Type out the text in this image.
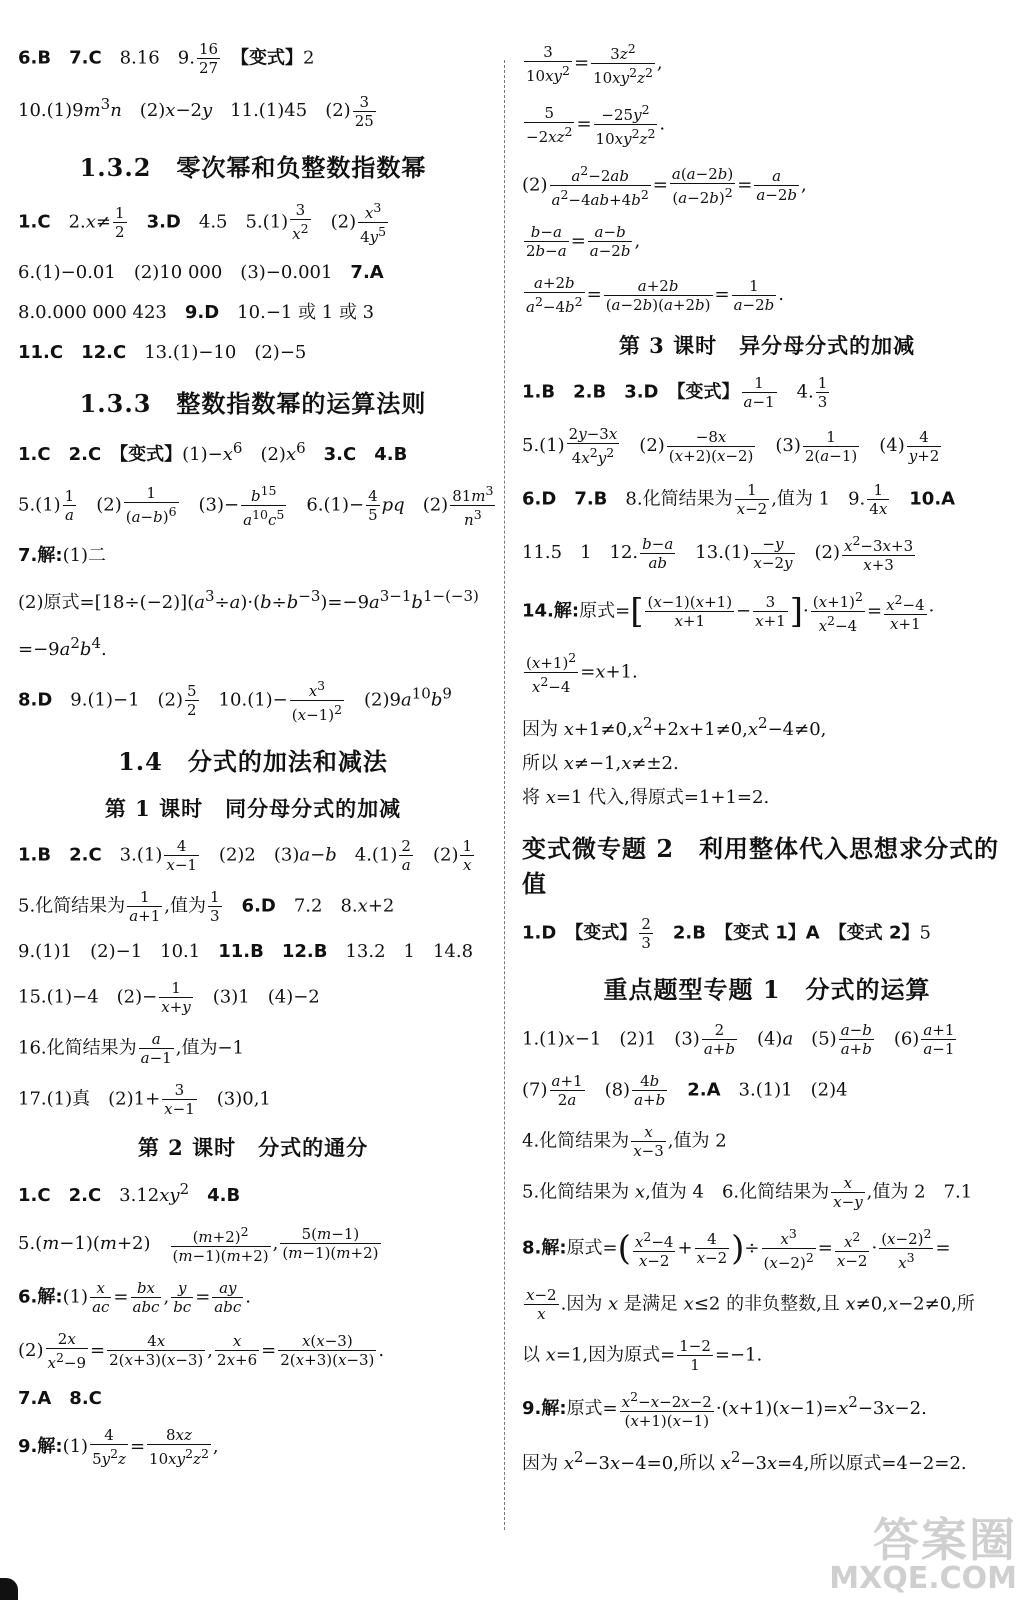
6.B　 7.C　8.16　9. $\frac{16}{27}$
　 【变式】2
$10.(1)9m^3n$　(2)x−2y　11.(1)45　$(2) \frac{3}{25}$
1.3.2　零次幂和负整数指数幂
1.C　$2.x\ne \frac{1}{2}$
　 3.D　4.5　$5.(1) \frac{3}{x^2}$ 　$(2) \frac{x^3}{4y^5}$
6.(1)−0.01　(2)10 000　(3)−0.001　7.A
8.0.000 000 423　9.D　10.−1 或 1 或 3
11.C　 12.C　13.(1)−10　(2)−5
1.3.3　整数指数幂的运算法则
1.C　 2.C　 【变式】$(1)-x^6$　$(2)x^6$　 3.C　 4.B
$5.(1) \frac{1}{a}$ 　$(2) \frac{1}{(a-b)^6}$ 　$(3)- \frac{b^{15}}{a^{10}c^5}$ 　$6.(1)- \frac{4}{5}$ pq　$(2) \frac{81m^3}{n^3}$
7.解:(1)二
(2)原式$=[18\div(-2)](a^3\div a)\cdot(b\div b^{-3})=-9a^{3-1}b^{1-(-3)}$
$=-9a^2b^4$.
8.D　9.(1)−1　$(2) \frac{5}{2}$ 　$10.(1)- \frac{x^3}{(x-1)^2}$ 　$(2)9a^{10}b^9$
1.4　分式的加法和减法
第 1 课时　同分母分式的加减
1.B　 2.C　$3.(1) \frac{4}{x-1}$ 　(2)2　(3)a−b　$4.(1) \frac{2}{a}$ 　$(2) \frac{1}{x}$
5.化简结果为 $\frac{1}{a+1}$ ,值为 $\frac{1}{3}$
　 6.D　7.2　8.x+2
9.(1)1　(2)−1　10.1　11.B　 12.B　13.2　1　14.8
15.(1)−4　$(2)- \frac{1}{x+y}$ 　(3)1　(4)−2
16.化简结果为 $\frac{a}{a-1}$ ,值为−1
17.(1)真　$(2)1+ \frac{3}{x-1}$ 　(3)0,1
第 2 课时　分式的通分
1.C　 2.C　$3.12xy^2$　 4.B
5.(m−1)(m+2)　 $\frac{(m+2)^2}{(m-1)(m+2)}$ , $\frac{5(m-1)}{(m-1)(m+2)}$
6.解:(1) $\frac{x}{ac} = \frac{bx}{\text{abc}}$ , $\frac{y}{bc} = \frac{ay}{\text{abc}}$ .
$(2) \frac{2x}{x^2-9} = \frac{4x}{2(x+3)(x-3)}$ , $\frac{x}{2x+6} = \frac{x(x-3)}{2(x+3)(x-3)}$ .
7.A　 8.C
9.解:(1) $\frac{4}{5y^2z} = \frac{8xz}{10xy^2z^2}$ ,
$\frac{3}{10xy^2} = \frac{3z^2}{10xy^2z^2}$ ,
$\frac{5}{-2xz^2} = \frac{-25y^2}{10xy^2z^2}$ .
$(2) \frac{a^2-2ab}{a^2-4ab+4b^2} = \frac{a(a-2b)}{(a-2b)^2} = \frac{a}{a-2b}$ ,
$\frac{b-a}{2b-a} = \frac{a-b}{a-2b}$ ,
$\frac{a+2b}{a^2-4b^2} = \frac{a+2b}{(a-2b)(a+2b)} = \frac{1}{a-2b}$ .
第 3 课时　异分母分式的加减
1.B　 2.B　 3.D　 【变式】 $\frac{1}{a-1}$ 　4. $\frac{1}{3}$
$5.(1) \frac{2y-3x}{4x^2y^2}$ 　$(2) \frac{-8x}{(x+2)(x-2)}$ 　$(3) \frac{1}{2(a-1)}$ 　$(4) \frac{4}{y+2}$
6.D　 7.B　8.化简结果为 $\frac{1}{x-2}$ ,值为 1　9. $\frac{1}{4x}$
　 10.A
11.5　1　12. $\frac{b-a}{ab}$ 　$13.(1) \frac{-y}{x-2y}$ 　$(2) \frac{x^2-3x+3}{x+3}$
14.解:原式=[ $\frac{(x-1)(x+1)}{x+1} - \frac{3}{x+1}$ ]· $\frac{(x+1)^2}{x^2-4} = \frac{x^2-4}{x+1}$ ·
$\frac{(x+1)^2}{x^2-4} =x+1$.
因为 $x+1\ne 0,x^2+2x+1\ne 0,x^2-4\ne 0$,
所以 x≠−1,x≠±2.
将 x=1 代入,得原式=1+1=2.
变式微专题 2　利用整体代入思想求分式的值
1.D　 【变式】 $\frac{2}{3}$
　 2.B　 【变式 1】A　 【变式 2】5
重点题型专题 1　分式的运算
1.(1)x−1　(2)1　$(3) \frac{2}{a+b}$ 　(4)a　$(5) \frac{a-b}{a+b}$ 　$(6) \frac{a+1}{a-1}$
$(7) \frac{a+1}{2a}$ 　$(8) \frac{4b}{a+b}$
　 2.A　3.(1)1　(2)4
4.化简结果为 $\frac{x}{x-3}$ ,值为 2
5.化简结果为 x,值为 4　6.化简结果为 $\frac{x}{x-y}$ ,值为 2　7.1
8.解:原式=( $\frac{x^2-4}{x-2} + \frac{4}{x-2}$ )÷ $\frac{x^3}{(x-2)^2} = \frac{x^2}{x-2} \cdot \frac{(x-2)^2}{x^3}$ =
$\frac{x-2}{x}$ .因为 x 是满足 x≤2 的非负整数,且 x≠0,x−2≠0,所
以 x=1,因为原式= $\frac{1-2}{1} =-1$.
9.解:原式= $\frac{x^2-x-2x-2}{(x+1)(x-1)} \cdot(x+1)(x-1)=x^2-3x-2$.
因为 $x^2-3x-4=0$,所以 $x^2-3x=4$,所以原式=4−2=2.
答案圈
MXQE.COM
